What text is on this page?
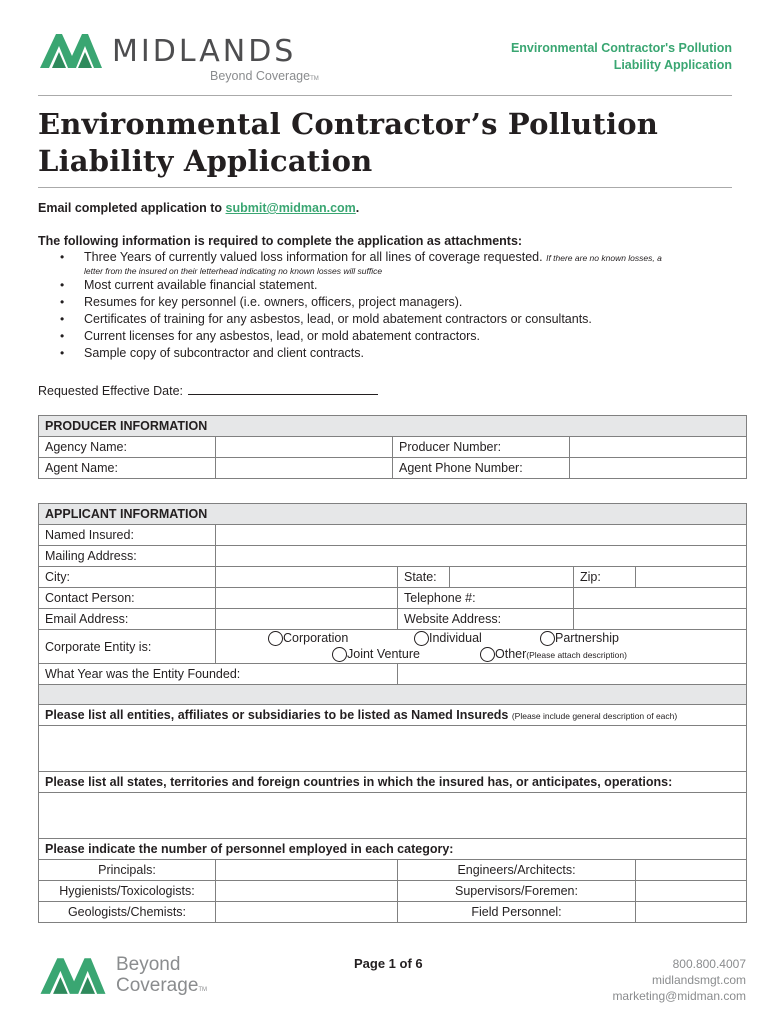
MIDLANDS
Beyond CoverageTM
Environmental Contractor's Pollution
Liability Application
Environmental Contractor’s Pollution
Liability Application
Email completed application to submit@midman.com.
The following information is required to complete the application as attachments:
• Three Years of currently valued loss information for all lines of coverage requested. If there are no known losses, a
letter from the insured on their letterhead indicating no known losses will suffice
• Most current available financial statement.
• Resumes for key personnel (i.e. owners, officers, project managers).
• Certificates of training for any asbestos, lead, or mold abatement contractors or consultants.
• Current licenses for any asbestos, lead, or mold abatement contractors.
• Sample copy of subcontractor and client contracts.
Requested Effective Date:
PRODUCER INFORMATION			
Agency Name:		Producer Number:	
Agent Name:		Agent Phone Number:	
APPLICANT INFORMATION					
Named Insured:					
Mailing Address:					
City:		State:		Zip:	
Contact Person:		Telephone #:			
Email Address:		Website Address:			
Corporate Entity is:	Corporation Individual Partnership
Joint Venture Other(Please attach description)				

What Year was the Entity Founded:					

Please list all entities, affiliates or subsidiaries to be listed as Named Insureds (Please include general description of each)					

Please list all states, territories and foreign countries in which the insured has, or anticipates, operations:					

Please indicate the number of personnel employed in each category:					
Principals:		Engineers/Architects:			
Hygienists/Toxicologists:		Supervisors/Foremen:			
Geologists/Chemists:		Field Personnel:			
Beyond
CoverageTM
Page 1 of 6	800.800.4007
midlandsmgt.com
marketing@midman.com
